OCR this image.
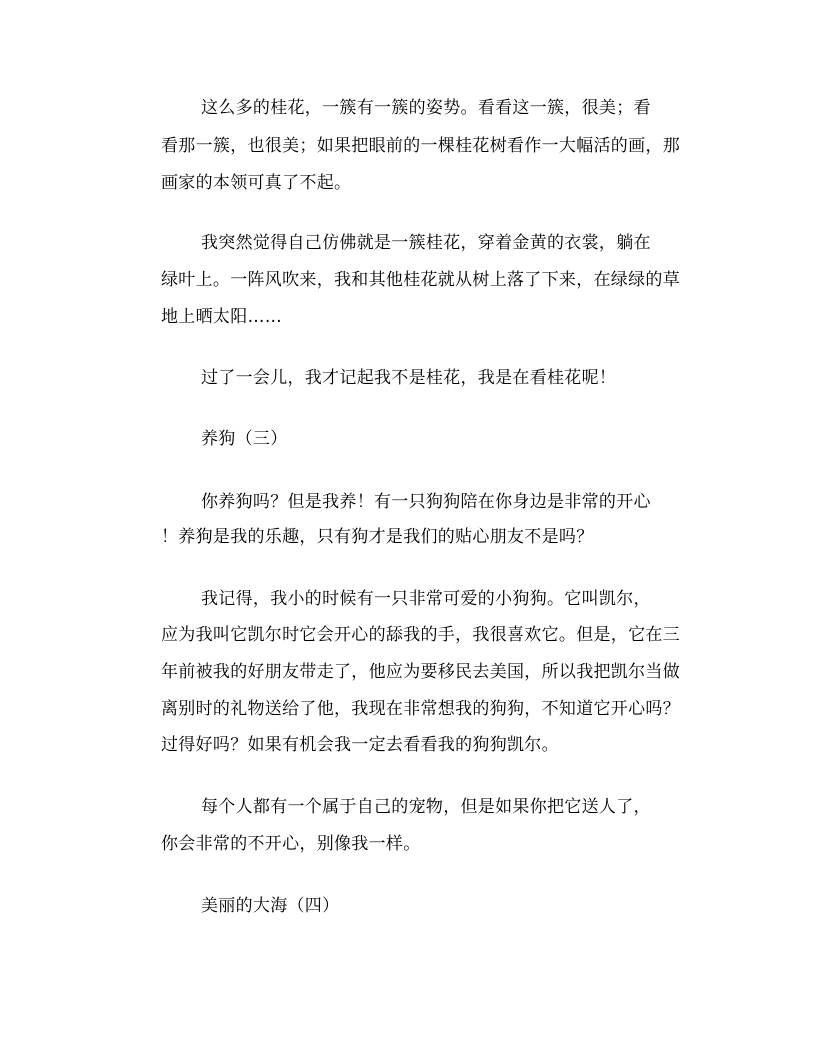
这么多的桂花，一簇有一簇的姿势。看看这一簇，很美；看
看那一簇，也很美；如果把眼前的一棵桂花树看作一大幅活的画，那
画家的本领可真了不起。
我突然觉得自己仿佛就是一簇桂花，穿着金黄的衣裳，躺在
绿叶上。一阵风吹来，我和其他桂花就从树上落了下来，在绿绿的草
地上晒太阳……
过了一会儿，我才记起我不是桂花，我是在看桂花呢！
养狗（三）
你养狗吗？但是我养！有一只狗狗陪在你身边是非常的开心
！养狗是我的乐趣，只有狗才是我们的贴心朋友不是吗？
我记得，我小的时候有一只非常可爱的小狗狗。它叫凯尔，
应为我叫它凯尔时它会开心的舔我的手，我很喜欢它。但是，它在三
年前被我的好朋友带走了，他应为要移民去美国，所以我把凯尔当做
离别时的礼物送给了他，我现在非常想我的狗狗，不知道它开心吗？
过得好吗？如果有机会我一定去看看我的狗狗凯尔。
每个人都有一个属于自己的宠物，但是如果你把它送人了，
你会非常的不开心，别像我一样。
美丽的大海（四）
